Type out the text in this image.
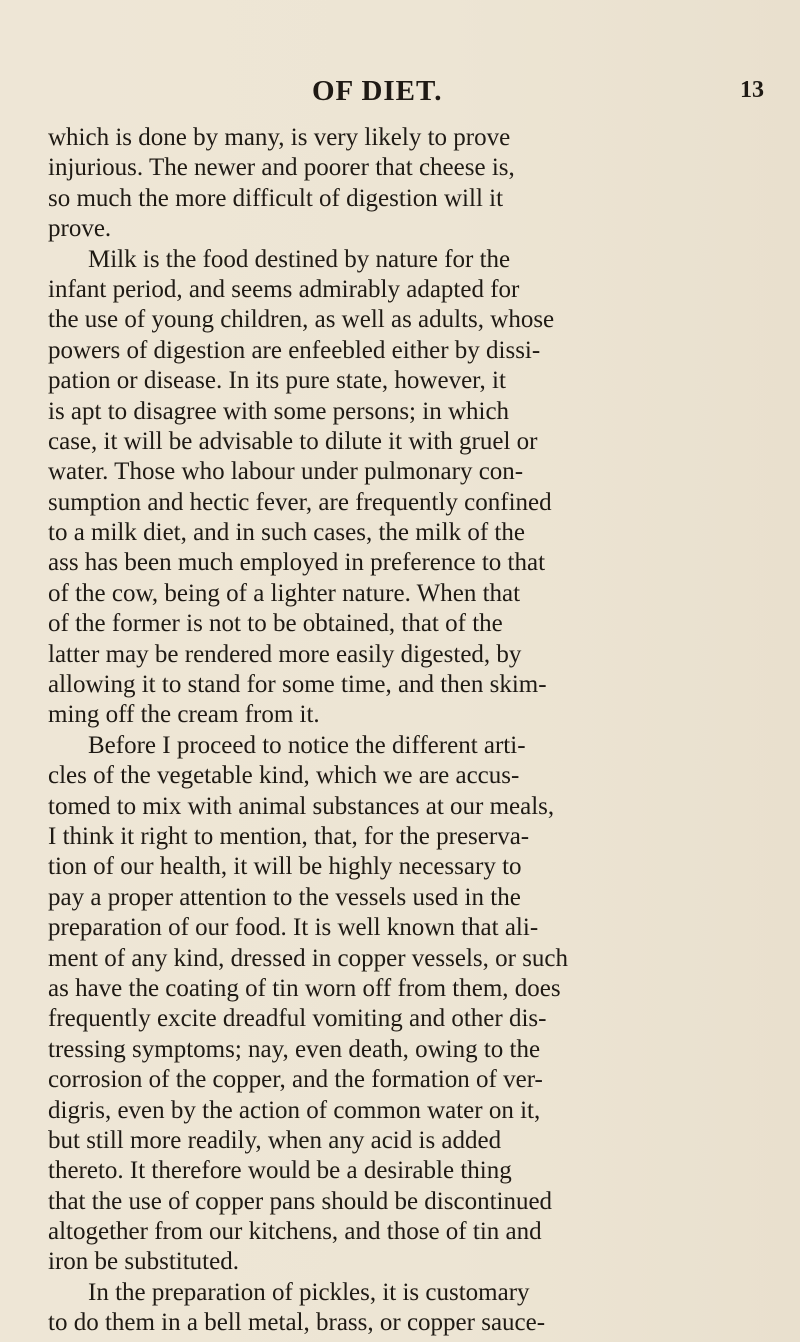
OF DIET.	13
which is done by many, is very likely to prove
injurious. The newer and poorer that cheese is,
so much the more difficult of digestion will it
prove.
Milk is the food destined by nature for the
infant period, and seems admirably adapted for
the use of young children, as well as adults, whose
powers of digestion are enfeebled either by dissi-
pation or disease. In its pure state, however, it
is apt to disagree with some persons; in which
case, it will be advisable to dilute it with gruel or
water. Those who labour under pulmonary con-
sumption and hectic fever, are frequently confined
to a milk diet, and in such cases, the milk of the
ass has been much employed in preference to that
of the cow, being of a lighter nature. When that
of the former is not to be obtained, that of the
latter may be rendered more easily digested, by
allowing it to stand for some time, and then skim-
ming off the cream from it.
Before I proceed to notice the different arti-
cles of the vegetable kind, which we are accus-
tomed to mix with animal substances at our meals,
I think it right to mention, that, for the preserva-
tion of our health, it will be highly necessary to
pay a proper attention to the vessels used in the
preparation of our food. It is well known that ali-
ment of any kind, dressed in copper vessels, or such
as have the coating of tin worn off from them, does
frequently excite dreadful vomiting and other dis-
tressing symptoms; nay, even death, owing to the
corrosion of the copper, and the formation of ver-
digris, even by the action of common water on it,
but still more readily, when any acid is added
thereto. It therefore would be a desirable thing
that the use of copper pans should be discontinued
altogether from our kitchens, and those of tin and
iron be substituted.
In the preparation of pickles, it is customary
to do them in a bell metal, brass, or copper sauce-
